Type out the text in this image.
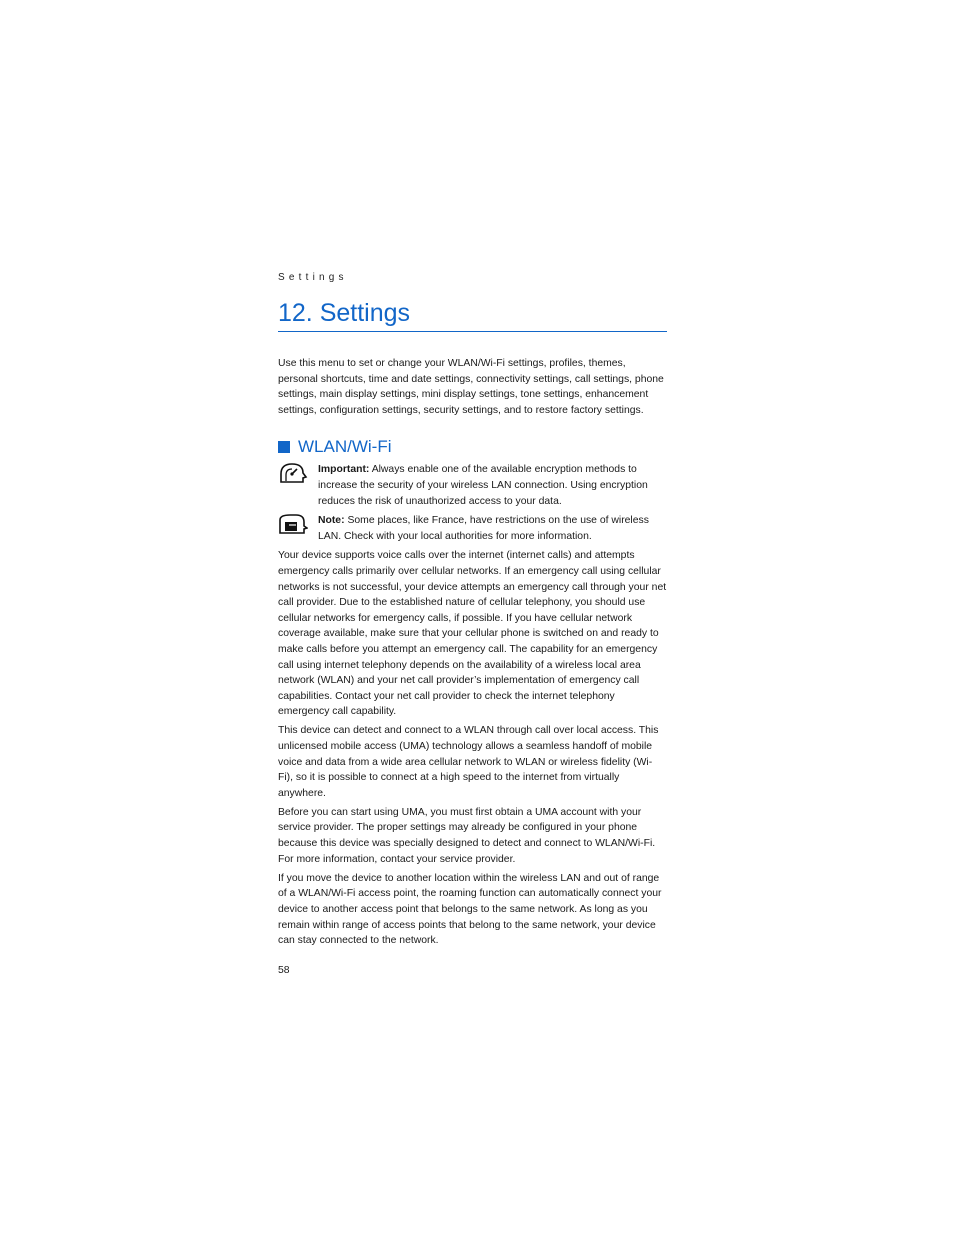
Settings
12. Settings

Use this menu to set or change your WLAN/Wi-Fi settings, profiles, themes, personal shortcuts, time and date settings, connectivity settings, call settings, phone settings, main display settings, mini display settings, tone settings, enhancement settings, configuration settings, security settings, and to restore factory settings.

WLAN/Wi-Fi

Important: Always enable one of the available encryption methods to increase the security of your wireless LAN connection. Using encryption reduces the risk of unauthorized access to your data.

Note: Some places, like France, have restrictions on the use of wireless LAN. Check with your local authorities for more information.

Your device supports voice calls over the internet (internet calls) and attempts emergency calls primarily over cellular networks. If an emergency call using cellular networks is not successful, your device attempts an emergency call through your net call provider. Due to the established nature of cellular telephony, you should use cellular networks for emergency calls, if possible. If you have cellular network coverage available, make sure that your cellular phone is switched on and ready to make calls before you attempt an emergency call. The capability for an emergency call using internet telephony depends on the availability of a wireless local area network (WLAN) and your net call provider’s implementation of emergency call capabilities. Contact your net call provider to check the internet telephony emergency call capability.

This device can detect and connect to a WLAN through call over local access. This unlicensed mobile access (UMA) technology allows a seamless handoff of mobile voice and data from a wide area cellular network to WLAN or wireless fidelity (Wi-Fi), so it is possible to connect at a high speed to the internet from virtually anywhere.

Before you can start using UMA, you must first obtain a UMA account with your service provider. The proper settings may already be configured in your phone because this device was specially designed to detect and connect to WLAN/Wi-Fi. For more information, contact your service provider.

If you move the device to another location within the wireless LAN and out of range of a WLAN/Wi-Fi access point, the roaming function can automatically connect your device to another access point that belongs to the same network. As long as you remain within range of access points that belong to the same network, your device can stay connected to the network.

58
